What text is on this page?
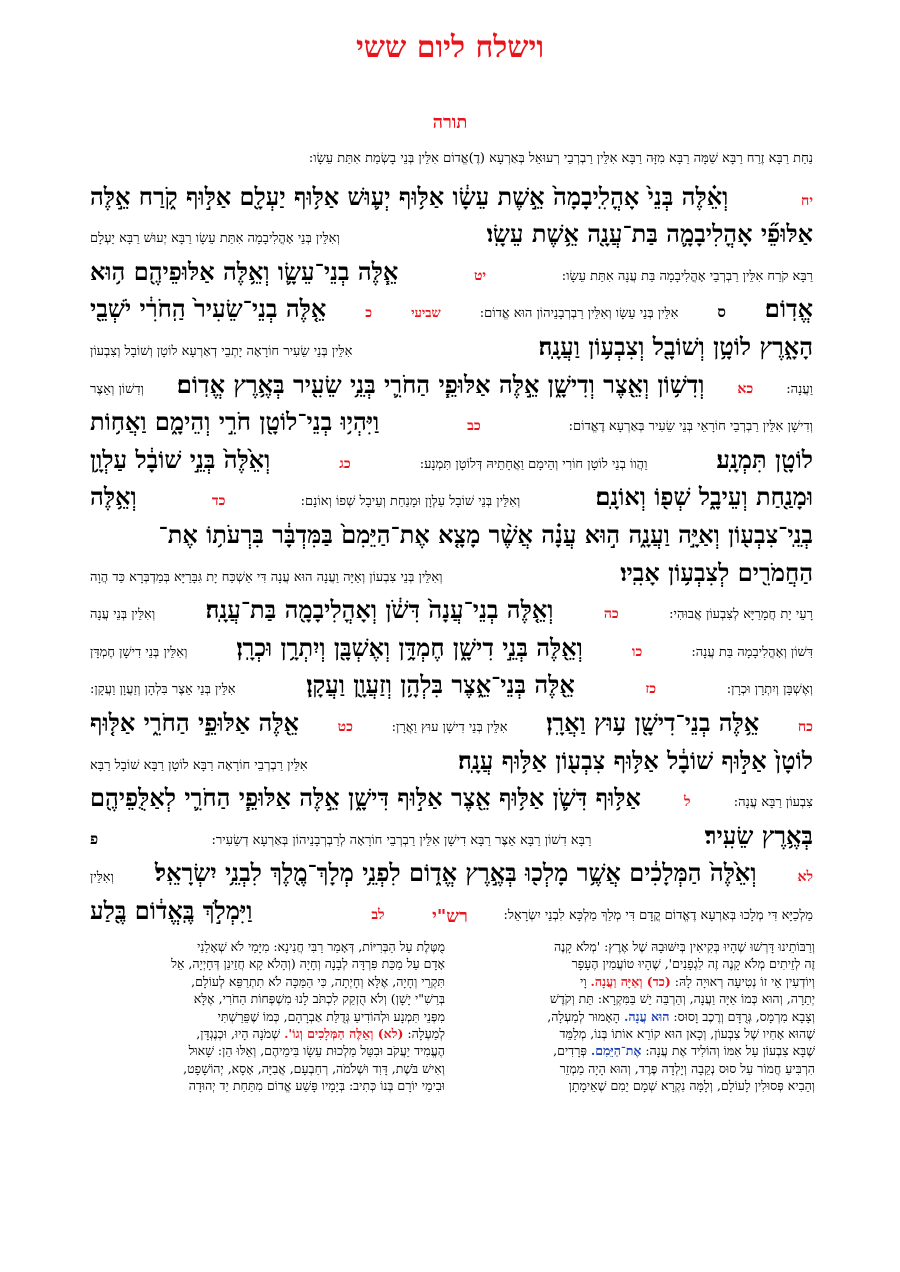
וישלח ליום ששי
תורה
נַחַת רַבָּא זֶרַח רַבָּא שַׁמָּה רַבָּא מִזָּה רַבָּא אִלֵּין רַבְרְבֵי רְעוּאֵל בְּאַרְעָא (דֶ)אֱדוֹם אִלֵּין בְּנֵי בָשְׂמַת אִתַּת עֵשָׂו:
יח
וְאֵ֗לֶּה בְּנֵי֙ אָהֳלִֽיבָמָה֙ אֵ֣שֶׁת עֵשָׂ֔ו אַלּ֥וּף יְע֛וּשׁ אַלּ֥וּף יַעְלָ֖ם אַלּ֣וּף קֹ֑רַח אֵ֣לֶּה
אַלּוּפֵ֞י אָהֳלִיבָמָ֛ה בַּת־עֲנָ֖ה אֵ֥שֶׁת עֵשָֽׂו׃
וְאִלֵּין בְּנֵי אָהֳלִיבָמָה אִתַּת עֵשָׂו רַבָּא יְעוּשׁ רַבָּא יַעְלָם
רַבָּא קֹרַח אִלֵּין רַבְרְבֵי אָהֳלִיבָמָה בַּת עֲנָה אִתַּת עֵשָׂו:
יט
אֵ֧לֶּה בְנֵי־עֵשָׂ֛ו וְאֵ֥לֶּה אַלּוּפֵיהֶ֖ם ה֥וּא
אֱדֽוֹם׃
ס
אִלֵּין בְּנֵי עֵשָׂו וְאִלֵּין רַבְרְבָנֵיהוֹן הוּא אֱדוֹם:
שביעי
כ
אֵ֤לֶּה בְנֵי־שֵׂעִיר֙ הַֽחֹרִ֔י יֹשְׁבֵ֖י
הָאָ֑רֶץ לוֹטָ֥ן וְשׁוֹבָ֖ל וְצִבְע֥וֹן וַעֲנָֽה׃
אִלֵּין בְּנֵי שֵׂעִיר חוֹרָאָה יָתְבֵי דְאַרְעָא לוֹטָן וְשׁוֹבָל וְצִבְעוֹן
וַעֲנָה:
כא
וְדִשׁ֥וֹן וְאֵ֖צֶר וְדִישָׁ֑ן אֵ֣לֶּה אַלּוּפֵ֧י הַחֹרִ֛י בְּנֵ֥י שֵׂעִ֖יר בְּאֶ֥רֶץ אֱדֽוֹם׃
וְדִשׁוֹן וְאֵצֶר
וְדִישָׁן אִלֵּין רַבְרְבֵי חוֹרָאֵי בְּנֵי שֵׂעִיר בְּאַרְעָא דֶאֱדוֹם:
כב
וַיִּהְי֥וּ בְנֵי־לוֹטָ֖ן חֹרִ֣י וְהֵימָ֑ם וַאֲח֥וֹת
לוֹטָ֖ן תִּמְנָֽע׃
וַהֲווֹ בְנֵי לוֹטָן חוֹרִי וְהֵימָם וַאֲחָתֵיהּ דְּלוֹטָן תִּמְנָע:
כג
וְאֵ֙לֶּה֙ בְּנֵ֣י שׁוֹבָ֔ל עַלְוָ֥ן
וּמָנַ֖חַת וְעֵיבָ֑ל שְׁפ֖וֹ וְאוֹנָֽם׃
וְאִלֵּין בְּנֵי שׁוֹבָל עַלְוָן וּמָנַחַת וְעֵיבָל שְׁפוֹ וְאוֹנָם:
כד
וְאֵ֥לֶּה
בְנֵֽי־צִבְע֖וֹן וְאַיָּ֣ה וַעֲנָ֑ה ה֣וּא עֲנָ֗ה אֲשֶׁ֨ר מָצָ֤א אֶת־הַיֵּמִם֙ בַּמִּדְבָּ֔ר בִּרְעֹת֥וֹ אֶת־
הַחֲמֹרִ֖ים לְצִבְע֥וֹן אָבִֽיו׃
וְאִלֵּין בְּנֵי צִבְעוֹן וְאַיָּה וַעֲנָה הוּא עֲנָה דִּי אַשְׁכַּח יָת גִּבָּרַיָּא בְּמַדְבְּרָא כַּד הֲוָה
רָעֵי יָת חֲמָרַיָּא לְצִבְעוֹן אֲבוּהִי:
כה
וְאֵ֤לֶּה בְנֵי־עֲנָה֙ דִּשֹׁ֔ן וְאָהֳלִיבָמָ֖ה בַּת־עֲנָֽה׃
וְאִלֵּין בְּנֵי עֲנָה
דִּשׁוֹן וְאָהֳלִיבָמָה בַּת עֲנָה:
כו
וְאֵ֖לֶּה בְּנֵ֣י דִישָׁ֑ן חֶמְדָּ֥ן וְאֶשְׁבָּ֖ן וְיִתְרָ֥ן וּכְרָֽן׃
וְאִלֵּין בְּנֵי דִישָׁן חֶמְדָּן
וְאֶשְׁבָּן וְיִתְרָן וּכְרָן:
כז
אֵ֖לֶּה בְּנֵי־אֵ֑צֶר בִּלְהָ֥ן וְזַעֲוָ֖ן וַעֲקָֽן׃
אִלֵּין בְּנֵי אֵצֶר בִּלְהָן וְזַעֲוָן וַעֲקָן:
כח
אֵ֥לֶּה בְנֵי־דִישָׁ֖ן ע֥וּץ וַאֲרָֽן׃
אִלֵּין בְּנֵי דִישָׁן עוּץ וַאֲרָן:
כט
אֵ֖לֶּה אַלּוּפֵ֣י הַחֹרִ֑י אַלּ֤וּף
לוֹטָן֙ אַלּ֣וּף שׁוֹבָ֔ל אַלּ֥וּף צִבְע֖וֹן אַלּ֥וּף עֲנָֽה׃
אִלֵּין רַבְרְבֵי חוֹרָאָה רַבָּא לוֹטָן רַבָּא שׁוֹבָל רַבָּא
צִבְעוֹן רַבָּא עֲנָה:
ל
אַלּ֥וּף דִּשֹׁ֛ן אַלּ֥וּף אֵ֖צֶר אַלּ֣וּף דִּישָׁ֑ן אֵ֣לֶּה אַלּוּפֵ֧י הַחֹרִ֛י לְאַלֻּפֵיהֶ֖ם
בְּאֶ֥רֶץ שֵׂעִֽיר׃
רַבָּא דִשׁוֹן רַבָּא אֵצֶר רַבָּא דִישָׁן אִלֵּין רַבְרְבֵי חוֹרָאָה לְרַבְרְבָנֵיהוֹן בְּאַרְעָא דְשֵׂעִיר:
פ
לא
וְאֵ֙לֶּה֙ הַמְּלָכִ֔ים אֲשֶׁ֥ר מָלְכ֖וּ בְּאֶ֣רֶץ אֱד֑וֹם לִפְנֵ֥י מְלָךְ־מֶ֖לֶךְ לִבְנֵ֥י יִשְׂרָאֵֽל׃
וְאִלֵּין
מַלְכַיָּא דִּי מְלָכוּ בְּאַרְעָא דֶאֱדוֹם קֳדָם דִּי מְלַךְ מַלְכָּא לִבְנֵי יִשְׂרָאֵל:
לב
וַיִּמְלֹ֣ךְ בֶּֽאֱד֔וֹם בֶּ֖לַע	רש"י
וְרַבּוֹתֵינוּ דָּרְשׁוּ שֶׁהָיוּ בְּקִיאִין בְּיִשּׁוּבָהּ שֶׁל אֶרֶץ: 'מְלֹא קָנֶה
זֶה לְזֵיתִים מְלֹא קָנֶה זֶה לִגְפָנִים', שֶׁהָיוּ טוֹעֲמִין הֶעָפָר
וְיוֹדְעִין אֵי זוֹ נְטִיעָה רְאוּיָה לָהּ: (כד) וְאַיָּה וַעֲנָה. וָי
יְתֵרָה, וְהוּא כְּמוֹ אַיָּה וַעֲנָה, וְהַרְבֵּה יֵשׁ בַּמִּקְרָא: תֵּת וְקֹדֶשׁ
וְצָבָא מִרְמָס, גְּרֻדָּם וְרֶכֶב וָסוּס: הוּא עֲנָה. הָאָמוּר לְמַעְלָה,
שֶׁהוּא אָחִיו שֶׁל צִבְעוֹן, וְכָאן הוּא קוֹרֵא אוֹתוֹ בְּנוֹ, מְלַמֵּד
שֶׁבָּא צִבְעוֹן עַל אִמּוֹ וְהוֹלִיד אֶת עֲנָה: אֶת־הַיֵּמִם. פְּרָדִים,
הִרְבִּיעַ חֲמוֹר עַל סוּס נְקֵבָה וְיָלְדָה פֶּרֶד, וְהוּא הָיָה מַמְזֵר
וְהֵבִיא פְּסוּלִין לָעוֹלָם, וְלָמָּה נִקְרָא שְׁמָם יֵמִם שֶׁאֵימָתָן
מֻטֶּלֶת עַל הַבְּרִיּוֹת, דְּאָמַר רַבִּי חֲנִינָא: מִיָּמַי לֹא שְׁאָלַנִי
אָדָם עַל מַכַּת פִּרְדָּה לְבָנָה וְחָיָה (וְהָלֹא קָא חֲזֵינַן דְּחָיְיָה, אֵל
תִּקְרֵי וְחָיָה, אֶלָּא וְחָיְתָה, כִּי הַמַּכָּה לֹא תִתְרַפֵּא לְעוֹלָם,
בְּרַשִׁ"י יָשָׁן) וְלֹא הֻזְקַק לִכְתֹּב לָנוּ מִשְׁפְּחוֹת הַחֹרִי, אֶלָּא
מִפְּנֵי תִּמְנָע וּלְהוֹדִיעַ גְּדֻלַּת אַבְרָהָם, כְּמוֹ שֶׁפֵּרַשְׁתִּי
לְמַעְלָה: (לא) וְאֵלֶּה הַמְּלָכִים וְגוֹ'. שְׁמֹנָה הָיוּ, וּכְנֶגְדָּן,
הֶעֱמִיד יַעֲקֹב וּבִטֵּל מַלְכוּת עֵשָׂו בִּימֵיהֶם, וְאֵלּוּ הֵן: שָׁאוּל
וְאִישׁ בֹּשֶׁת, דָּוִד וּשְׁלֹמֹה, רְחַבְעָם, אֲבִיָּה, אָסָא, יְהוֹשָׁפָט,
וּבִימֵי יוֹרָם בְּנוֹ כְּתִיב: בְּיָמָיו פָּשַׁע אֱדוֹם מִתַּחַת יַד יְהוּדָה
